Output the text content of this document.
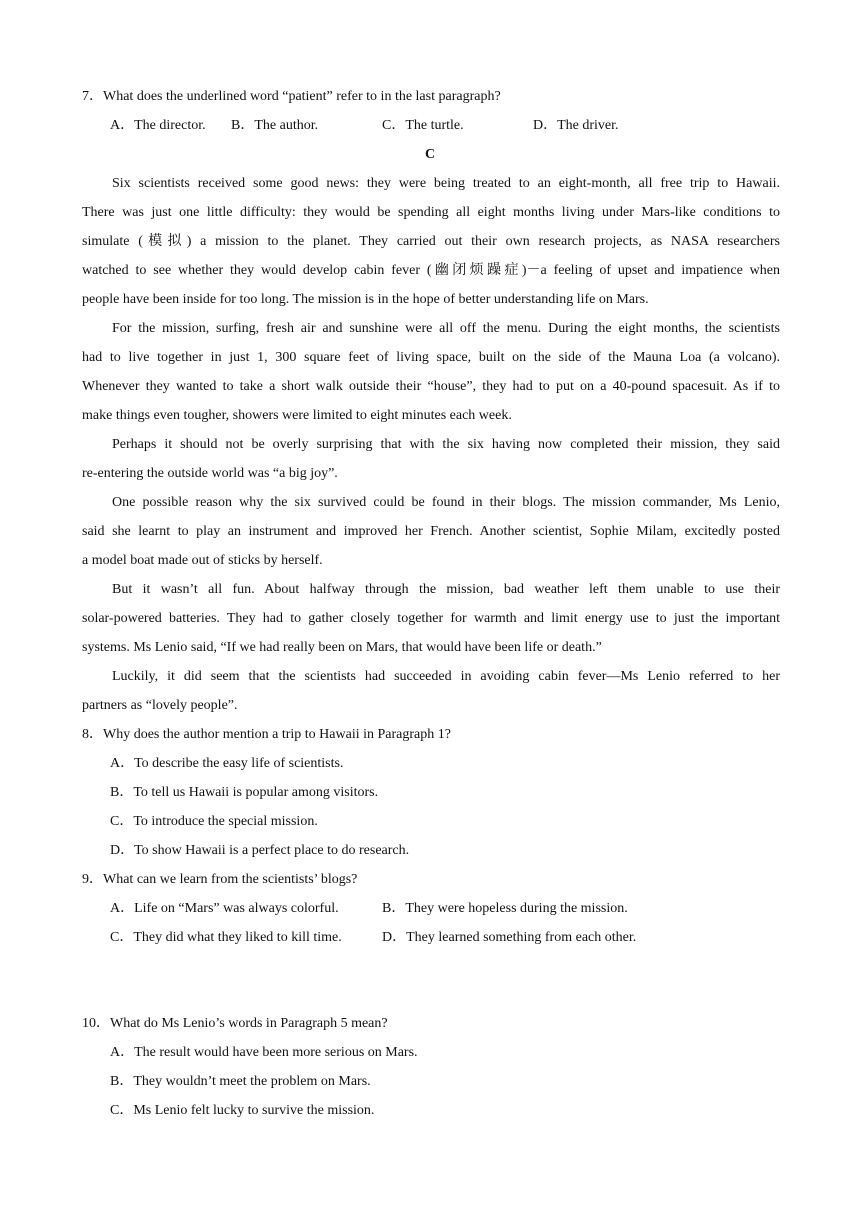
7．What does the underlined word “patient” refer to in the last paragraph?
A．The director. B．The author.	C．The turtle.	D．The driver.
C
Six scientists received some good news: they were being treated to an eight-month, all free trip to Hawaii.
There was just one little difficulty: they would be spending all eight months living under Mars-like conditions to
simulate (模拟) a mission to the planet. They carried out their own research projects, as NASA researchers
watched to see whether they would develop cabin fever (幽闭烦躁症)－a feeling of upset and impatience when
people have been inside for too long. The mission is in the hope of better understanding life on Mars.
For the mission, surfing, fresh air and sunshine were all off the menu. During the eight months, the scientists
had to live together in just 1, 300 square feet of living space, built on the side of the Mauna Loa (a volcano).
Whenever they wanted to take a short walk outside their “house”, they had to put on a 40-pound spacesuit. As if to
make things even tougher, showers were limited to eight minutes each week.
Perhaps it should not be overly surprising that with the six having now completed their mission, they said
re-entering the outside world was “a big joy”.
One possible reason why the six survived could be found in their blogs. The mission commander, Ms Lenio,
said she learnt to play an instrument and improved her French. Another scientist, Sophie Milam, excitedly posted
a model boat made out of sticks by herself.
But it wasn’t all fun. About halfway through the mission, bad weather left them unable to use their
solar-powered batteries. They had to gather closely together for warmth and limit energy use to just the important
systems. Ms Lenio said, “If we had really been on Mars, that would have been life or death.”
Luckily, it did seem that the scientists had succeeded in avoiding cabin fever—Ms Lenio referred to her
partners as “lovely people”.
8．Why does the author mention a trip to Hawaii in Paragraph 1?
A．To describe the easy life of scientists.
B．To tell us Hawaii is popular among visitors.
C．To introduce the special mission.
D．To show Hawaii is a perfect place to do research.
9．What can we learn from the scientists’ blogs?
A．Life on “Mars” was always colorful.	B．They were hopeless during the mission.
C．They did what they liked to kill time.	D．They learned something from each other.
10．What do Ms Lenio’s words in Paragraph 5 mean?
A．The result would have been more serious on Mars.
B．They wouldn’t meet the problem on Mars.
C．Ms Lenio felt lucky to survive the mission.
